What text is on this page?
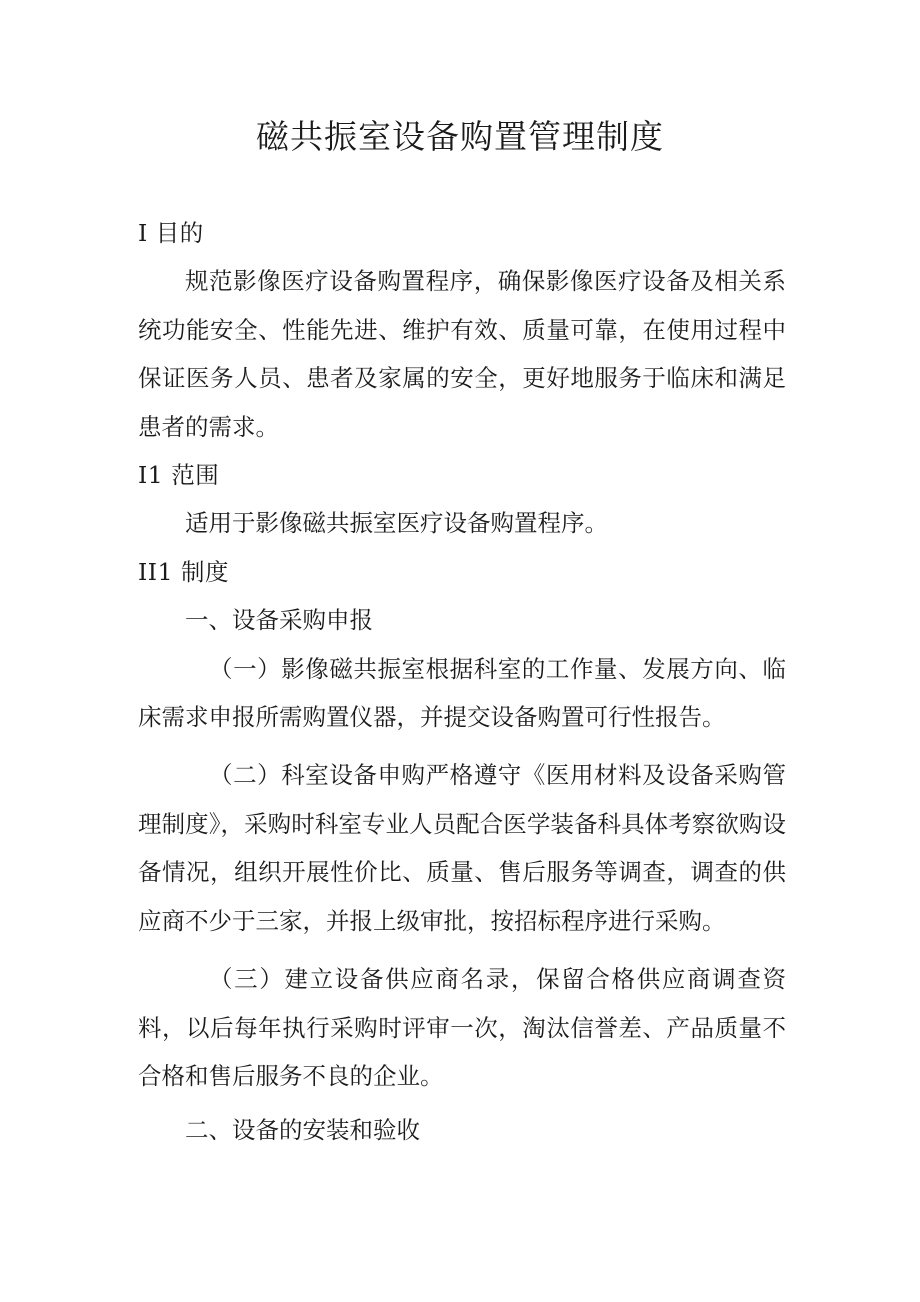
磁共振室设备购置管理制度

I 目的

规范影像医疗设备购置程序，确保影像医疗设备及相关系统功能安全、性能先进、维护有效、质量可靠，在使用过程中保证医务人员、患者及家属的安全，更好地服务于临床和满足患者的需求。

I1 范围

适用于影像磁共振室医疗设备购置程序。

II1 制度

一、设备采购申报

（一）影像磁共振室根据科室的工作量、发展方向、临床需求申报所需购置仪器，并提交设备购置可行性报告。

（二）科室设备申购严格遵守《医用材料及设备采购管理制度》，采购时科室专业人员配合医学装备科具体考察欲购设备情况，组织开展性价比、质量、售后服务等调查，调查的供应商不少于三家，并报上级审批，按招标程序进行采购。

（三）建立设备供应商名录，保留合格供应商调查资料，以后每年执行采购时评审一次，淘汰信誉差、产品质量不合格和售后服务不良的企业。

二、设备的安装和验收
